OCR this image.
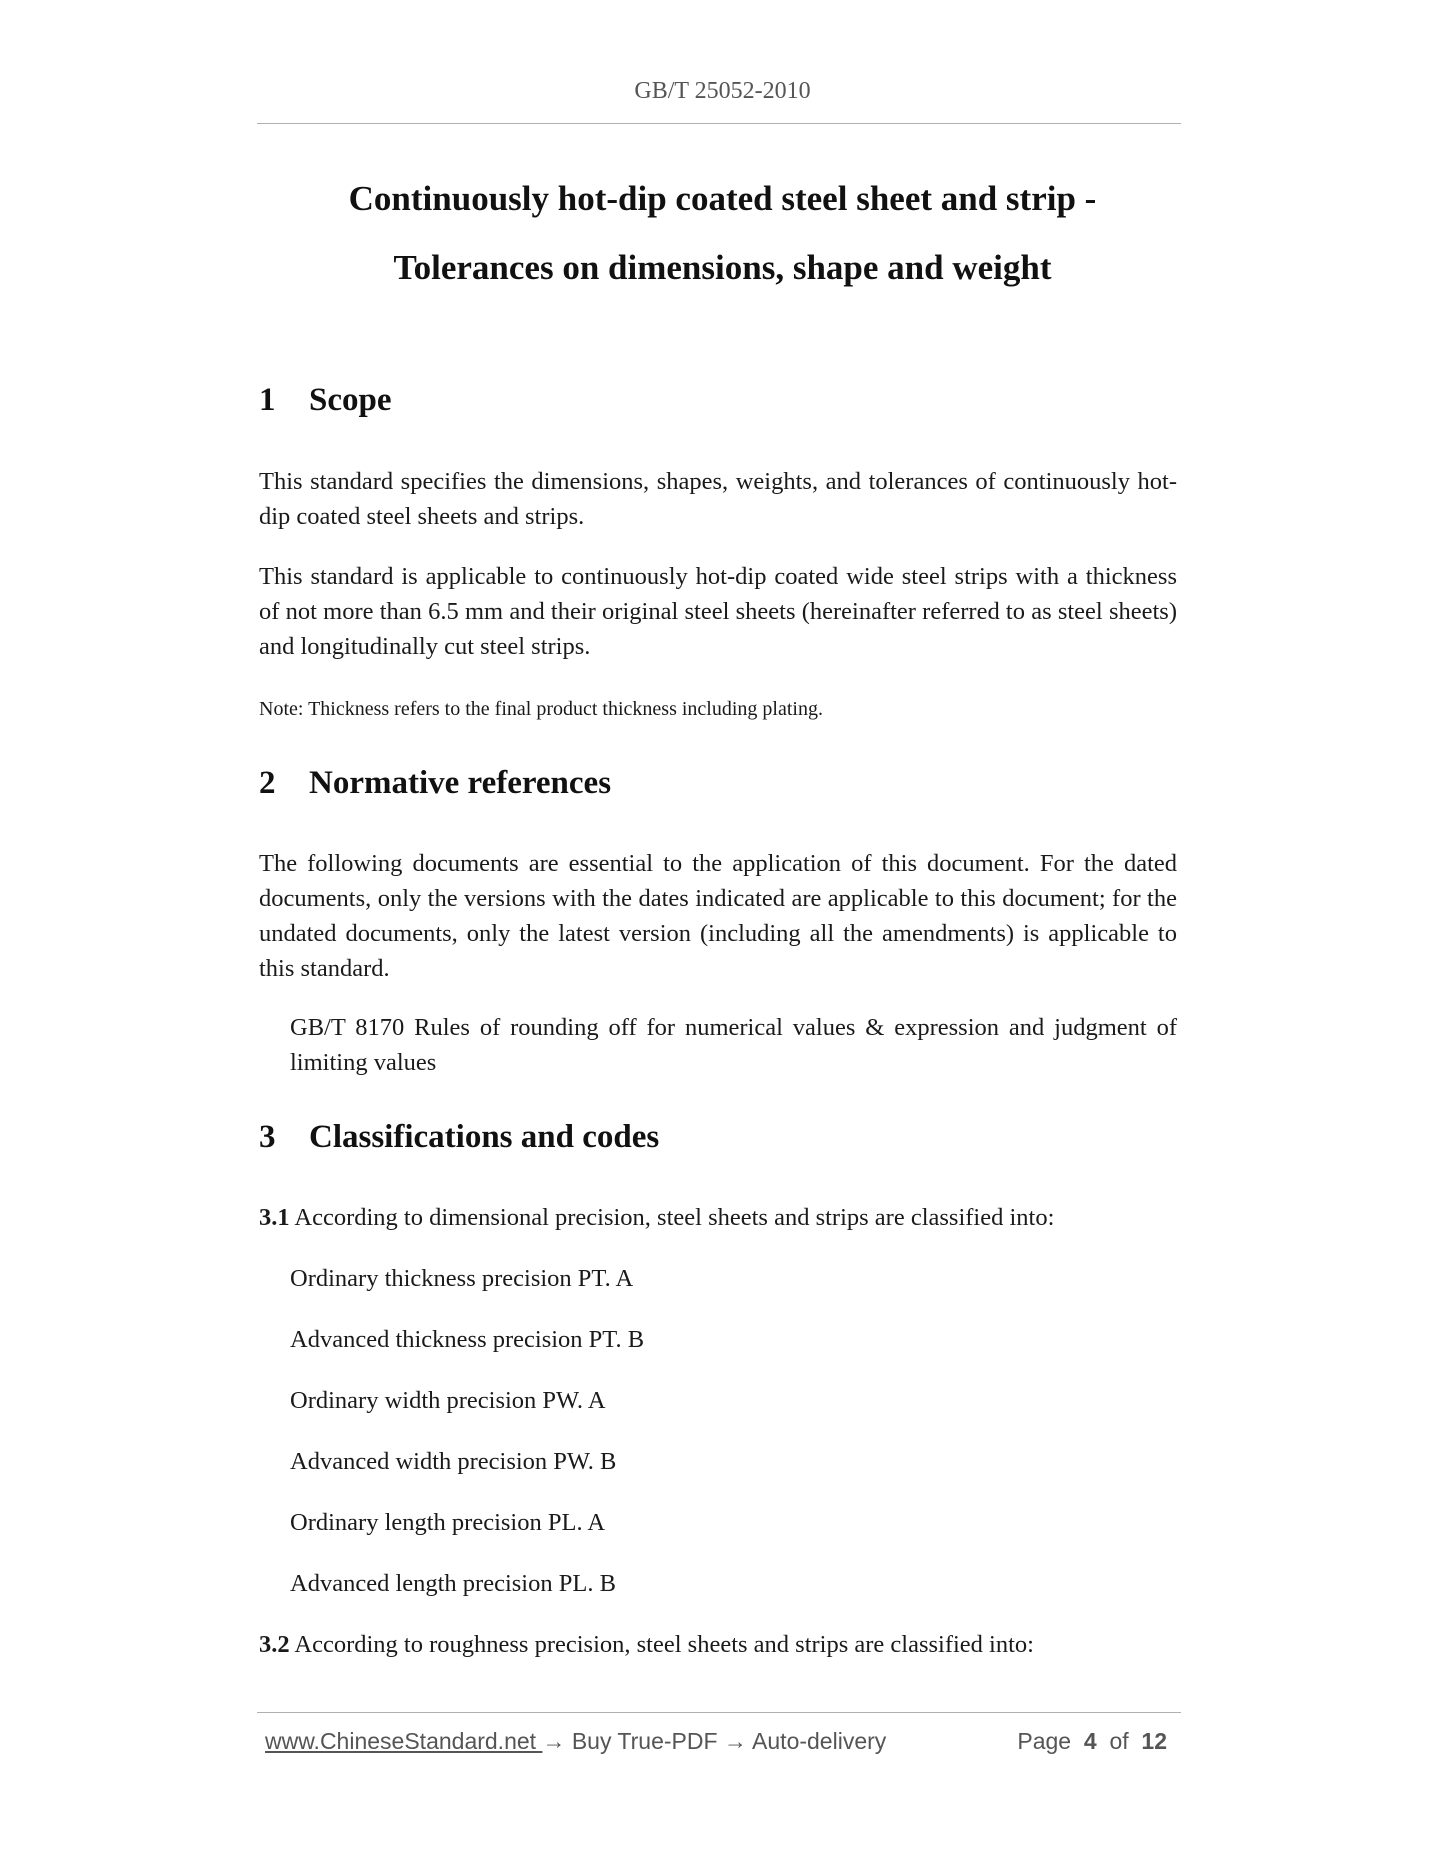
GB/T 25052-2010
Continuously hot-dip coated steel sheet and strip -
Tolerances on dimensions, shape and weight
1 Scope
This standard specifies the dimensions, shapes, weights, and tolerances of continuously hot-dip coated steel sheets and strips.
This standard is applicable to continuously hot-dip coated wide steel strips with a thickness of not more than 6.5 mm and their original steel sheets (hereinafter referred to as steel sheets) and longitudinally cut steel strips.
Note: Thickness refers to the final product thickness including plating.
2 Normative references
The following documents are essential to the application of this document. For the dated documents, only the versions with the dates indicated are applicable to this document; for the undated documents, only the latest version (including all the amendments) is applicable to this standard.
GB/T 8170 Rules of rounding off for numerical values & expression and judgment of limiting values
3 Classifications and codes
3.1 According to dimensional precision, steel sheets and strips are classified into:
Ordinary thickness precision PT. A
Advanced thickness precision PT. B
Ordinary width precision PW. A
Advanced width precision PW. B
Ordinary length precision PL. A
Advanced length precision PL. B
3.2 According to roughness precision, steel sheets and strips are classified into:
www.ChineseStandard.net → Buy True-PDF → Auto-delivery	Page 4 of 12
